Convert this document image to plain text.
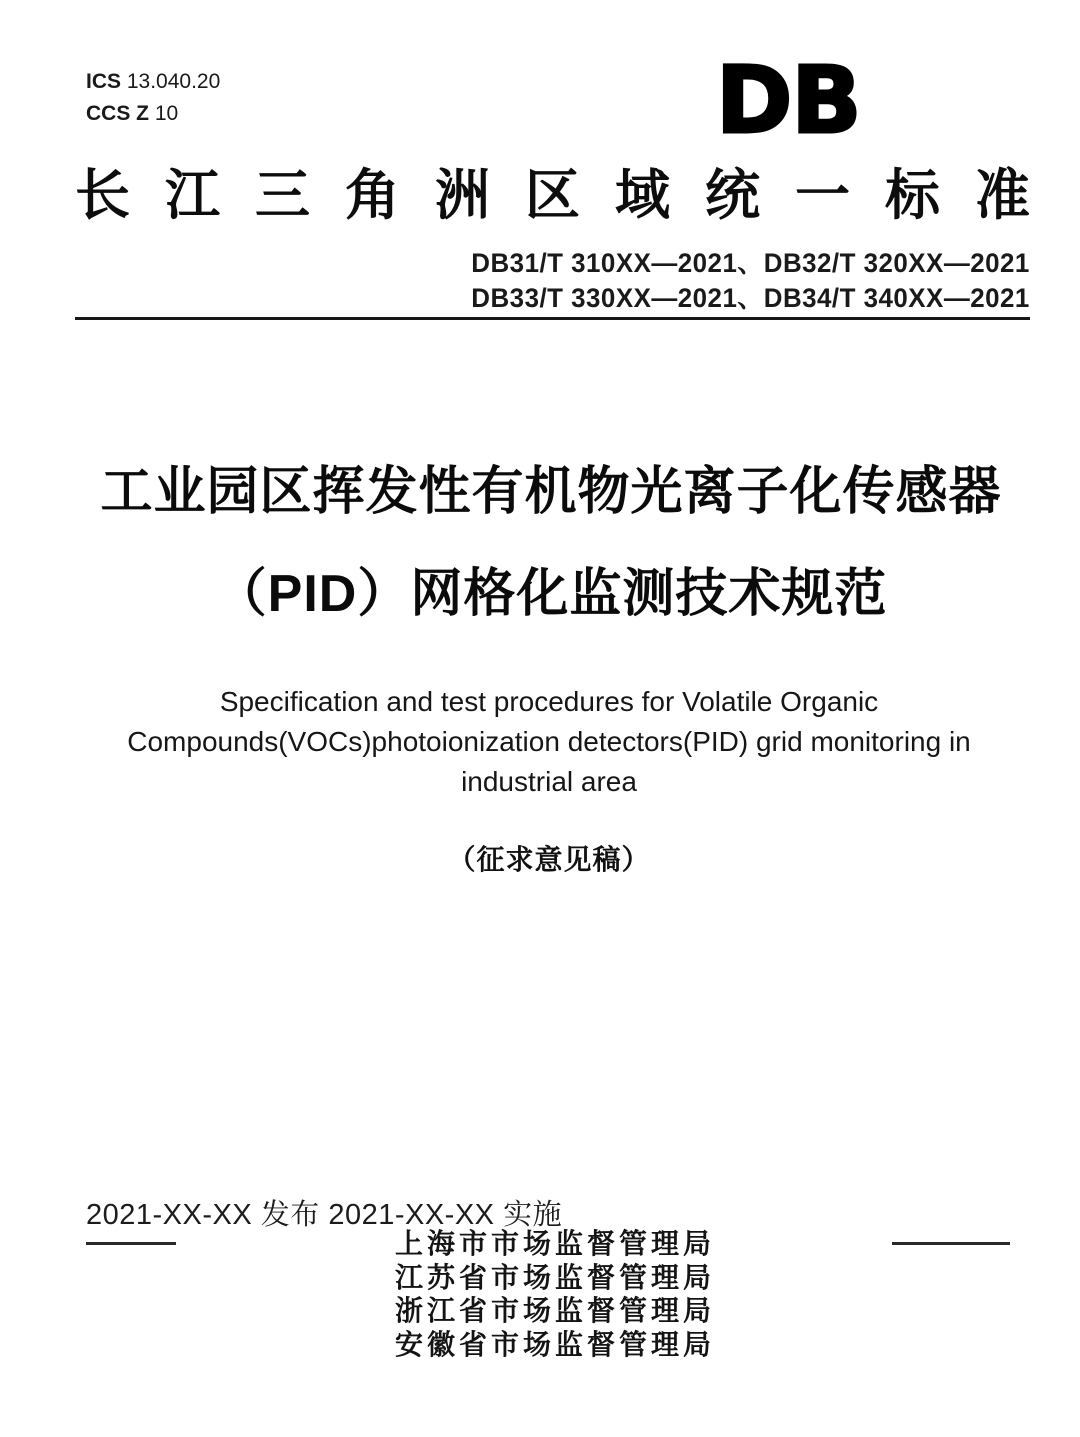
ICS 13.040.20
CCS Z 10	DB
长江三角洲区域统一标准
DB31/T 310XX—2021、DB32/T 320XX—2021
DB33/T 330XX—2021、DB34/T 340XX—2021
工业园区挥发性有机物光离子化传感器
（PID）网格化监测技术规范
Specification and test procedures for Volatile Organic
Compounds(VOCs)photoionization detectors(PID) grid monitoring in
industrial area
（征求意见稿）
2021-XX-XX 发布 2021-XX-XX 实施
上海市市场监督管理局
江苏省市场监督管理局
浙江省市场监督管理局
安徽省市场监督管理局
